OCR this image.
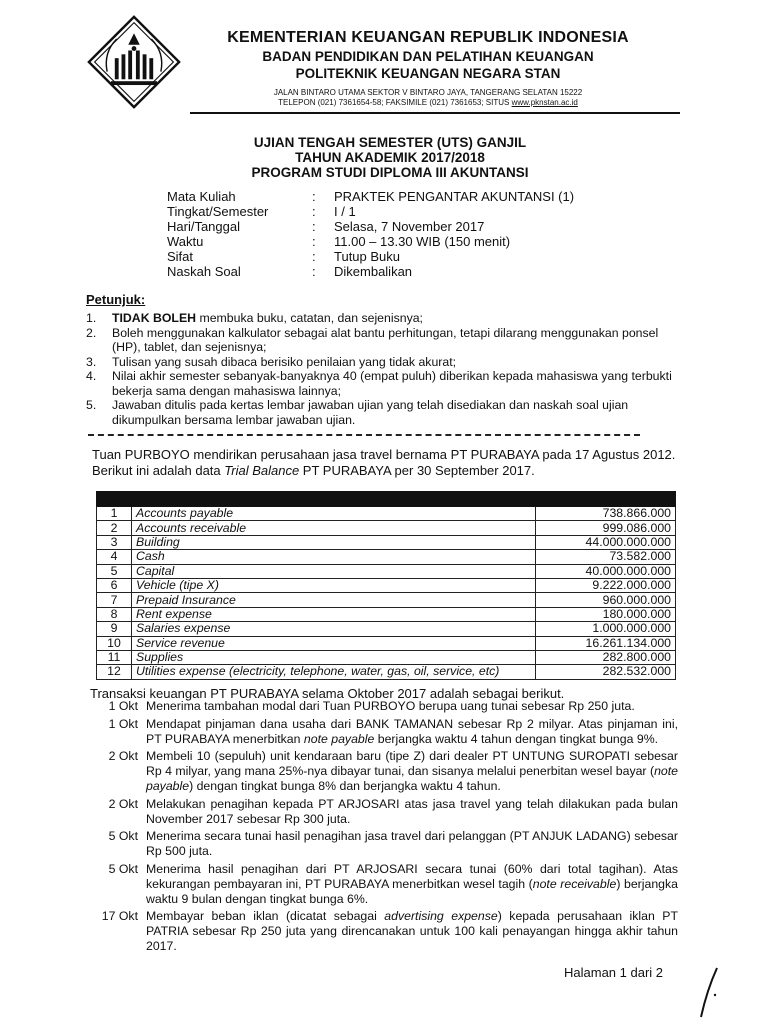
KEMENTERIAN KEUANGAN REPUBLIK INDONESIA

BADAN PENDIDIKAN DAN PELATIHAN KEUANGAN

POLITEKNIK KEUANGAN NEGARA STAN

JALAN BINTARO UTAMA SEKTOR V BINTARO JAYA, TANGERANG SELATAN 15222

TELEPON (021) 7361654-58; FAKSIMILE (021) 7361653; SITUS www.pknstan.ac.id

UJIAN TENGAH SEMESTER (UTS) GANJIL
TAHUN AKADEMIK 2017/2018
PROGRAM STUDI DIPLOMA III AKUNTANSI
Mata Kuliah	:	PRAKTEK PENGANTAR AKUNTANSI (1)
Tingkat/Semester	:	I / 1
Hari/Tanggal	:	Selasa, 7 November 2017
Waktu	:	11.00 – 13.30 WIB (150 menit)
Sifat	:	Tutup Buku
Naskah Soal	:	Dikembalikan
Petunjuk:
1.	TIDAK BOLEH membuka buku, catatan, dan sejenisnya;
2.	Boleh menggunakan kalkulator sebagai alat bantu perhitungan, tetapi dilarang menggunakan ponsel (HP), tablet, dan sejenisnya;
3.	Tulisan yang susah dibaca berisiko penilaian yang tidak akurat;
4.	Nilai akhir semester sebanyak-banyaknya 40 (empat puluh) diberikan kepada mahasiswa yang terbukti bekerja sama dengan mahasiswa lainnya;
5.	Jawaban ditulis pada kertas lembar jawaban ujian yang telah disediakan dan naskah soal ujian dikumpulkan bersama lembar jawaban ujian.

Tuan PURBOYO mendirikan perusahaan jasa travel bernama PT PURABAYA pada 17 Agustus 2012. Berikut ini adalah data Trial Balance PT PURABAYA per 30 September 2017.

1	Accounts payable	738.866.000
2	Accounts receivable	999.086.000
3	Building	44.000.000.000
4	Cash	73.582.000
5	Capital	40.000.000.000
6	Vehicle (tipe X)	9.222.000.000
7	Prepaid Insurance	960.000.000
8	Rent expense	180.000.000
9	Salaries expense	1.000.000.000
10	Service revenue	16.261.134.000
11	Supplies	282.800.000
12	Utilities expense (electricity, telephone, water, gas, oil, service, etc)	282.532.000
Transaksi keuangan PT PURABAYA selama Oktober 2017 adalah sebagai berikut.
1 Okt Menerima tambahan modal dari Tuan PURBOYO berupa uang tunai sebesar Rp 250 juta.
1 Okt Mendapat pinjaman dana usaha dari BANK TAMANAN sebesar Rp 2 milyar. Atas pinjaman ini, PT PURABAYA menerbitkan note payable berjangka waktu 4 tahun dengan tingkat bunga 9%.
2 Okt Membeli 10 (sepuluh) unit kendaraan baru (tipe Z) dari dealer PT UNTUNG SUROPATI sebesar Rp 4 milyar, yang mana 25%-nya dibayar tunai, dan sisanya melalui penerbitan wesel bayar (note payable) dengan tingkat bunga 8% dan berjangka waktu 4 tahun.
2 Okt Melakukan penagihan kepada PT ARJOSARI atas jasa travel yang telah dilakukan pada bulan November 2017 sebesar Rp 300 juta.
5 Okt Menerima secara tunai hasil penagihan jasa travel dari pelanggan (PT ANJUK LADANG) sebesar Rp 500 juta.
5 Okt Menerima hasil penagihan dari PT ARJOSARI secara tunai (60% dari total tagihan). Atas kekurangan pembayaran ini, PT PURABAYA menerbitkan wesel tagih (note receivable) berjangka waktu 9 bulan dengan tingkat bunga 6%.
17 Okt Membayar beban iklan (dicatat sebagai advertising expense) kepada perusahaan iklan PT PATRIA sebesar Rp 250 juta yang direncanakan untuk 100 kali penayangan hingga akhir tahun 2017.
Halaman 1 dari 2
